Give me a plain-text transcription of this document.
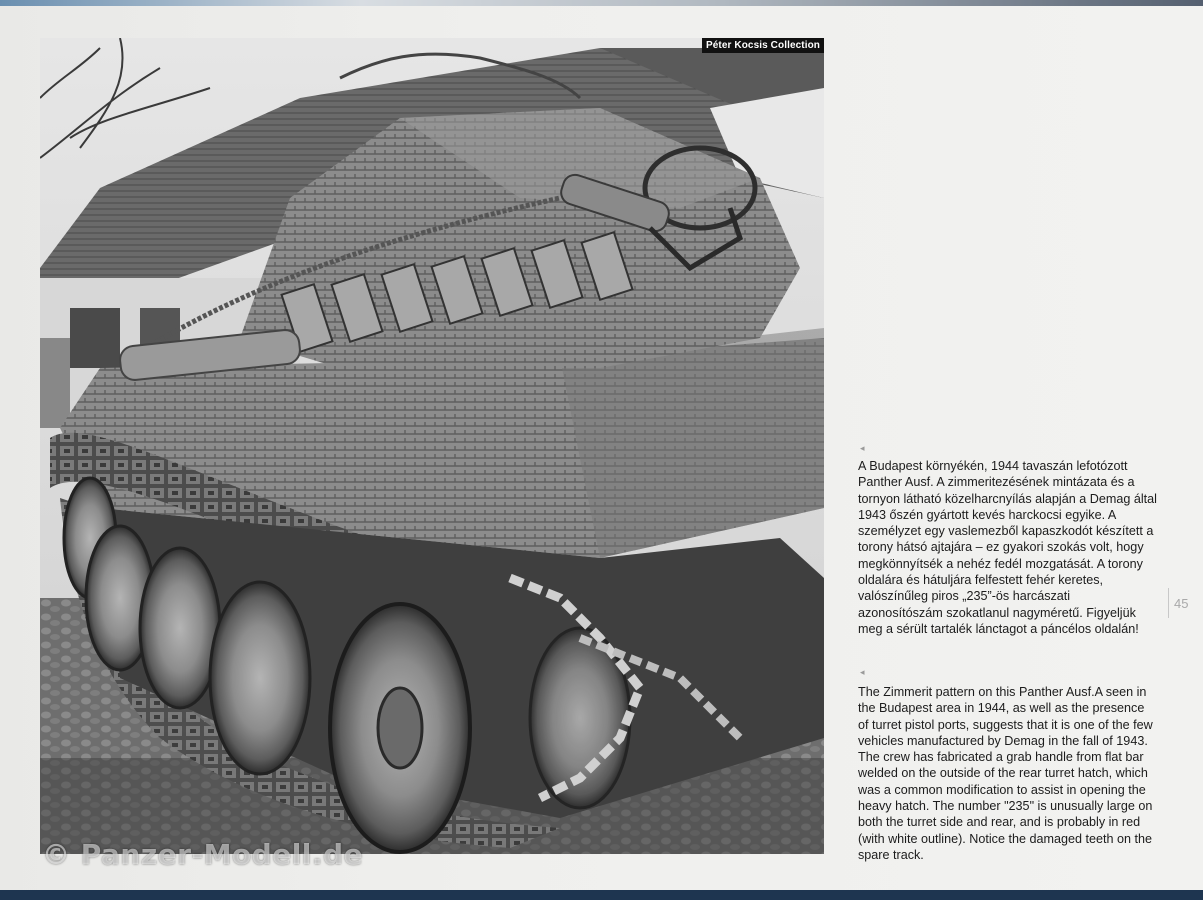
Péter Kocsis Collection
© Panzer-Modell.de
◂
A Budapest környékén, 1944 tavaszán lefotózott Panther Ausf. A zimmeritezésének mintázata és a tornyon látható közelharcnyílás alapján a Demag által 1943 őszén gyártott kevés harckocsi egyike. A személyzet egy vaslemezből kapaszkodót készített a torony hátsó ajtajára – ez gyakori szokás volt, hogy megkönnyítsék a nehéz fedél mozgatását. A torony oldalára és hátuljára felfestett fehér keretes, valószínűleg piros „235”-ös harcászati azonosítószám szokatlanul nagyméretű. Figyeljük meg a sérült tartalék lánctagot a páncélos oldalán!
◂
The Zimmerit pattern on this Panther Ausf.A seen in the Budapest area in 1944, as well as the presence of turret pistol ports, suggests that it is one of the few vehicles manufactured by Demag in the fall of 1943. The crew has fabricated a grab handle from flat bar welded on the outside of the rear turret hatch, which was a common modification to assist in opening the heavy hatch. The number "235" is unusually large on both the turret side and rear, and is probably in red (with white outline). Notice the damaged teeth on the spare track.
45
